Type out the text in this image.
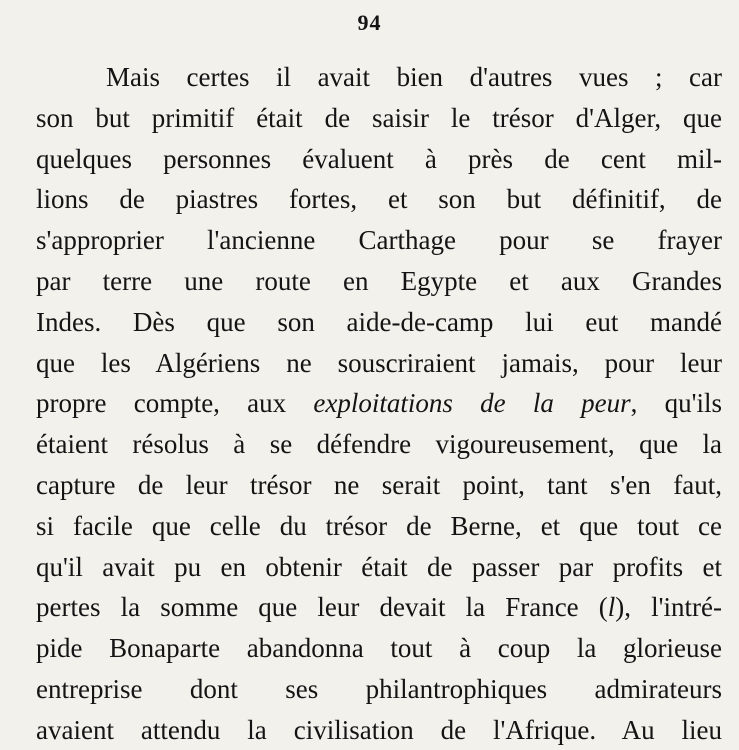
94
Mais certes il avait bien d'autres vues ; car
son but primitif était de saisir le trésor d'Alger, que
quelques personnes évaluent à près de cent mil-
lions de piastres fortes, et son but définitif, de
s'approprier l'ancienne Carthage pour se frayer
par terre une route en Egypte et aux Grandes
Indes. Dès que son aide-de-camp lui eut mandé
que les Algériens ne souscriraient jamais, pour leur
propre compte, aux exploitations de la peur, qu'ils
étaient résolus à se défendre vigoureusement, que la
capture de leur trésor ne serait point, tant s'en faut,
si facile que celle du trésor de Berne, et que tout ce
qu'il avait pu en obtenir était de passer par profits et
pertes la somme que leur devait la France (l), l'intré-
pide Bonaparte abandonna tout à coup la glorieuse
entreprise dont ses philantrophiques admirateurs
avaient attendu la civilisation de l'Afrique. Au lieu
